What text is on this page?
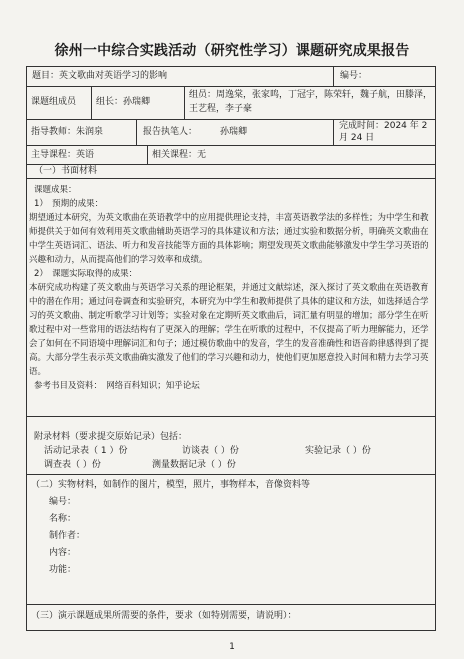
徐州一中综合实践活动（研究性学习）课题研究成果报告
题目：英文歌曲对英语学习的影响	编号：
课题组成员 组长：孙瑞卿
组员：周逸棠，张家鸣，丁冠宇，陈荣轩，魏子航，田滕泽，王艺程，李子豪
指导教师：朱润泉	报告执笔人：	孙瑞卿
完成时间：2024 年 2 月 24 日
主导课程：英语	相关课程：无
（一）书面材料

课题成果：

1）　预期的成果：

期望通过本研究，为英文歌曲在英语教学中的应用提供理论支持，丰富英语教学法的多样性；为中学生和教师提供关于如何有效利用英文歌曲辅助英语学习的具体建议和方法；通过实验和数据分析，明确英文歌曲在中学生英语词汇、语法、听力和发音技能等方面的具体影响；期望发现英文歌曲能够激发中学生学习英语的兴趣和动力，从而提高他们的学习效率和成绩。

2）　课题实际取得的成果：

本研究成功构建了英文歌曲与英语学习关系的理论框架，并通过文献综述，深入探讨了英文歌曲在英语教育中的潜在作用；通过问卷调查和实验研究，本研究为中学生和教师提供了具体的建议和方法，如选择适合学习的英文歌曲、制定听歌学习计划等；实验对象在定期听英文歌曲后，词汇量有明显的增加；部分学生在听歌过程中对一些常用的语法结构有了更深入的理解；学生在听歌的过程中，不仅提高了听力理解能力，还学会了如何在不同语境中理解词汇和句子；通过模仿歌曲中的发音，学生的发音准确性和语音韵律感得到了提高。大部分学生表示英文歌曲确实激发了他们的学习兴趣和动力，使他们更加愿意投入时间和精力去学习英语。

参考书目及资料：　网络百科知识；知乎论坛

附录材料（要求提交原始记录）包括：
活动记录表（ 1 ）份	访谈表（ ）份	实验记录（ ）份
调查表（ ）份	测量数据记录（ ）份
（二）实物材料，如制作的图片，模型，照片，事物样本，音像资料等
编号：
名称：
制作者：
内容：
功能：
（三）演示课题成果所需要的条件，要求（如特别需要，请说明）：
1
